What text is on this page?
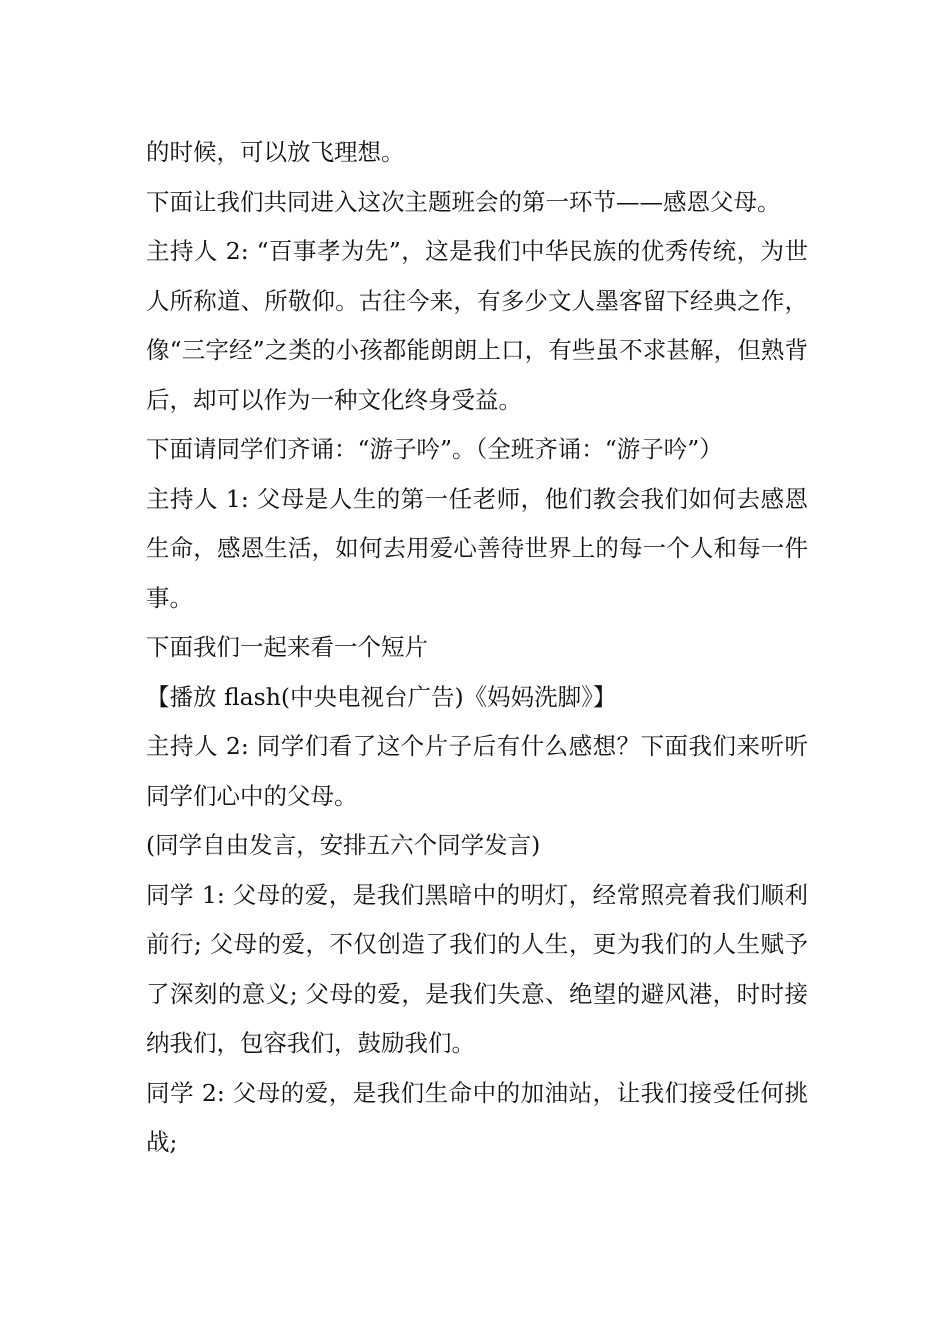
的时候，可以放飞理想。

下面让我们共同进入这次主题班会的第一环节——感恩父母。

主持人 2: “百事孝为先”，这是我们中华民族的优秀传统，为世人所称道、所敬仰。古往今来，有多少文人墨客留下经典之作，像“三字经”之类的小孩都能朗朗上口，有些虽不求甚解，但熟背后，却可以作为一种文化终身受益。

下面请同学们齐诵：“游子吟”。（全班齐诵：“游子吟”）

主持人 1: 父母是人生的第一任老师，他们教会我们如何去感恩生命，感恩生活，如何去用爱心善待世界上的每一个人和每一件事。

下面我们一起来看一个短片

【播放 flash(中央电视台广告)《妈妈洗脚》】

主持人 2: 同学们看了这个片子后有什么感想？下面我们来听听同学们心中的父母。

(同学自由发言，安排五六个同学发言)

同学 1: 父母的爱，是我们黑暗中的明灯，经常照亮着我们顺利前行; 父母的爱，不仅创造了我们的人生，更为我们的人生赋予了深刻的意义; 父母的爱，是我们失意、绝望的避风港，时时接纳我们，包容我们，鼓励我们。

同学 2: 父母的爱，是我们生命中的加油站，让我们接受任何挑战;
